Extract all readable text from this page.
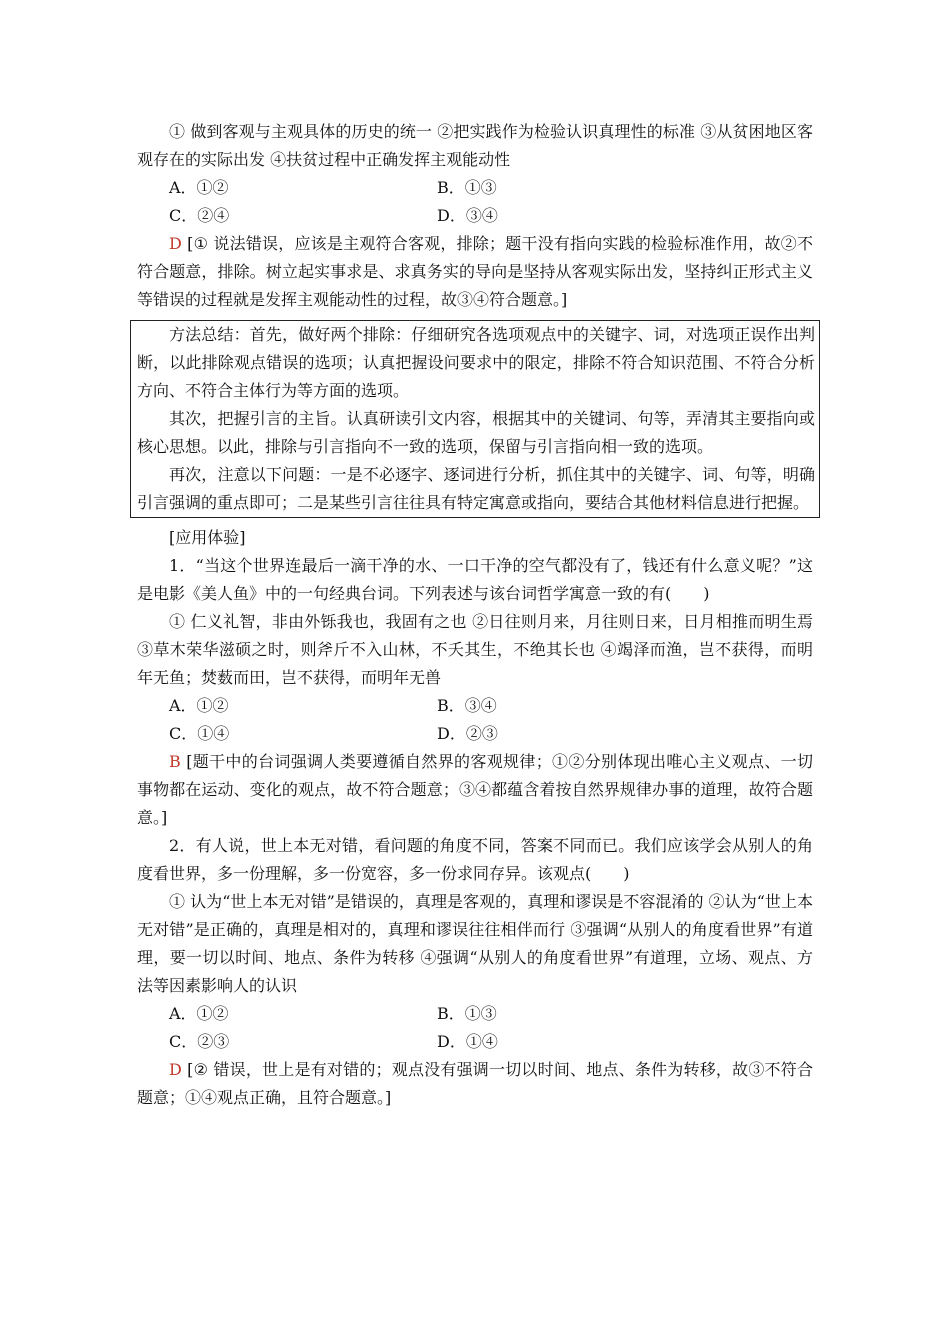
① 做到客观与主观具体的历史的统一 ②把实践作为检验认识真理性的标准 ③从贫困地区客观存在的实际出发 ④扶贫过程中正确发挥主观能动性

A．①②	B．①③
C．②④	D．③④

D [① 说法错误，应该是主观符合客观，排除；题干没有指向实践的检验标准作用，故②不符合题意，排除。树立起实事求是、求真务实的导向是坚持从客观实际出发，坚持纠正形式主义等错误的过程就是发挥主观能动性的过程，故③④符合题意。]

方法总结：首先，做好两个排除：仔细研究各选项观点中的关键字、词，对选项正误作出判断，以此排除观点错误的选项；认真把握设问要求中的限定，排除不符合知识范围、不符合分析方向、不符合主体行为等方面的选项。

其次，把握引言的主旨。认真研读引文内容，根据其中的关键词、句等，弄清其主要指向或核心思想。以此，排除与引言指向不一致的选项，保留与引言指向相一致的选项。

再次，注意以下问题：一是不必逐字、逐词进行分析，抓住其中的关键字、词、句等，明确引言强调的重点即可；二是某些引言往往具有特定寓意或指向，要结合其他材料信息进行把握。

[应用体验]

1．“当这个世界连最后一滴干净的水、一口干净的空气都没有了，钱还有什么意义呢？”这是电影《美人鱼》中的一句经典台词。下列表述与该台词哲学寓意一致的有(　　)

① 仁义礼智，非由外铄我也，我固有之也 ②日往则月来，月往则日来，日月相推而明生焉 ③草木荣华滋硕之时，则斧斤不入山林，不夭其生，不绝其长也 ④竭泽而渔，岂不获得，而明年无鱼；焚薮而田，岂不获得，而明年无兽

A．①②	B．③④
C．①④	D．②③

B [题干中的台词强调人类要遵循自然界的客观规律；①②分别体现出唯心主义观点、一切事物都在运动、变化的观点，故不符合题意；③④都蕴含着按自然界规律办事的道理，故符合题意。]

2．有人说，世上本无对错，看问题的角度不同，答案不同而已。我们应该学会从别人的角度看世界，多一份理解，多一份宽容，多一份求同存异。该观点(　　)

① 认为“世上本无对错”是错误的，真理是客观的，真理和谬误是不容混淆的 ②认为“世上本无对错”是正确的，真理是相对的，真理和谬误往往相伴而行 ③强调“从别人的角度看世界”有道理，要一切以时间、地点、条件为转移 ④强调“从别人的角度看世界”有道理，立场、观点、方法等因素影响人的认识

A．①②	B．①③
C．②③	D．①④

D [② 错误，世上是有对错的；观点没有强调一切以时间、地点、条件为转移，故③不符合题意；①④观点正确，且符合题意。]
